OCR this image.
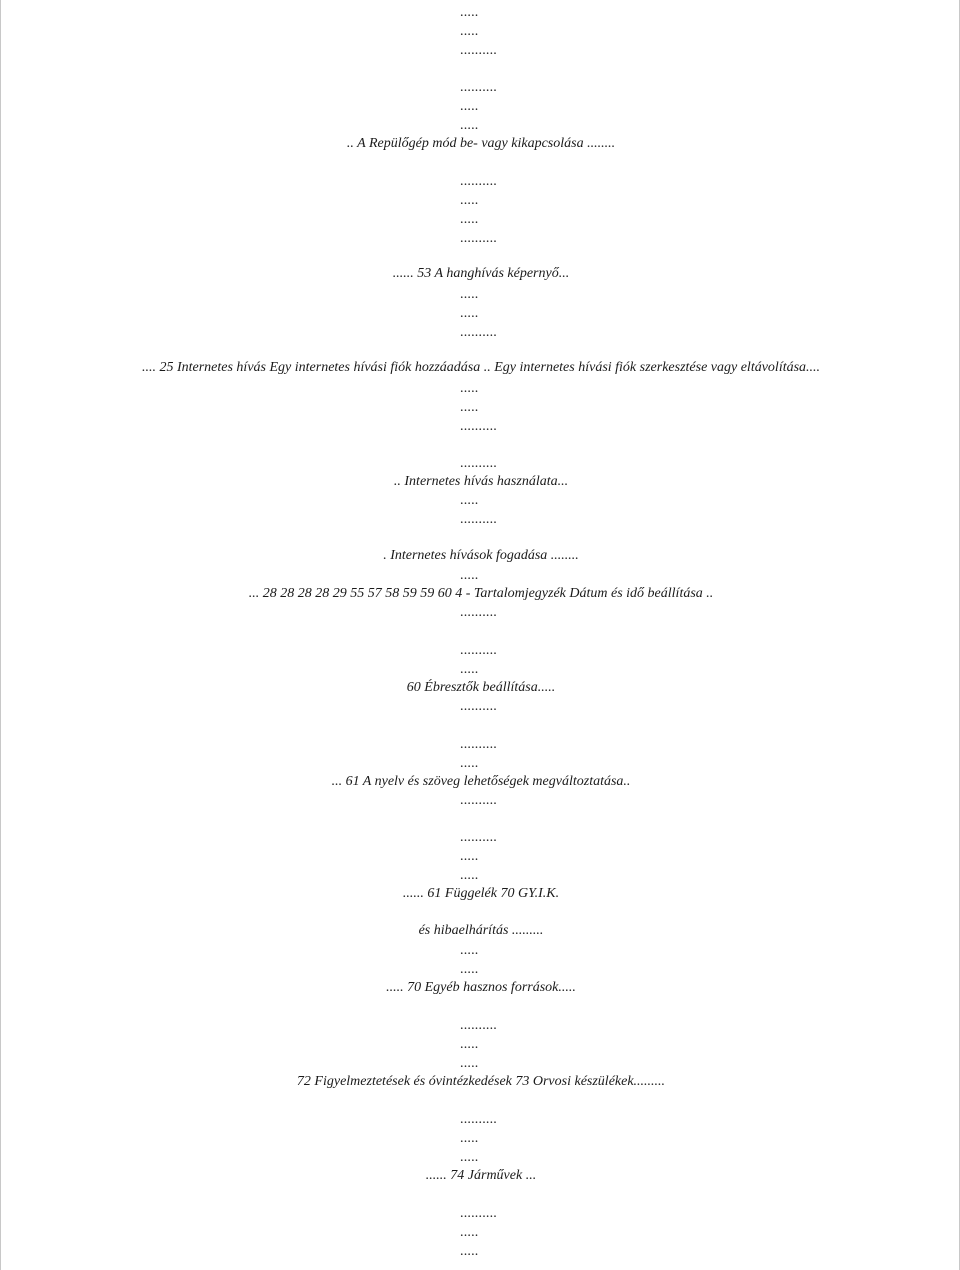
.....
.....
..........
..........
.....
.....
.. A Repülőgép mód be- vagy kikapcsolása ........
..........
.....
.....
..........
...... 53 A hanghívás képernyő...
.....
.....
..........
.... 25 Internetes hívás Egy internetes hívási fiók hozzáadása .. Egy internetes hívási fiók szerkesztése vagy eltávolítása....
.....
.....
..........
..........
.. Internetes hívás használata...
.....
..........
. Internetes hívások fogadása ........
.....
... 28 28 28 28 29 55 57 58 59 59 60 4 - Tartalomjegyzék Dátum és idő beállítása ..
..........
..........
.....
60 Ébresztők beállítása.....
..........
..........
.....
... 61 A nyelv és szöveg lehetőségek megváltoztatása..
..........
..........
.....
.....
...... 61 Függelék 70 GY.I.K.
és hibaelhárítás .........
.....
.....
..... 70 Egyéb hasznos források.....
..........
.....
.....
72 Figyelmeztetések és óvintézkedések 73 Orvosi készülékek.........
..........
.....
.....
...... 74 Járművek ...
..........
.....
.....
